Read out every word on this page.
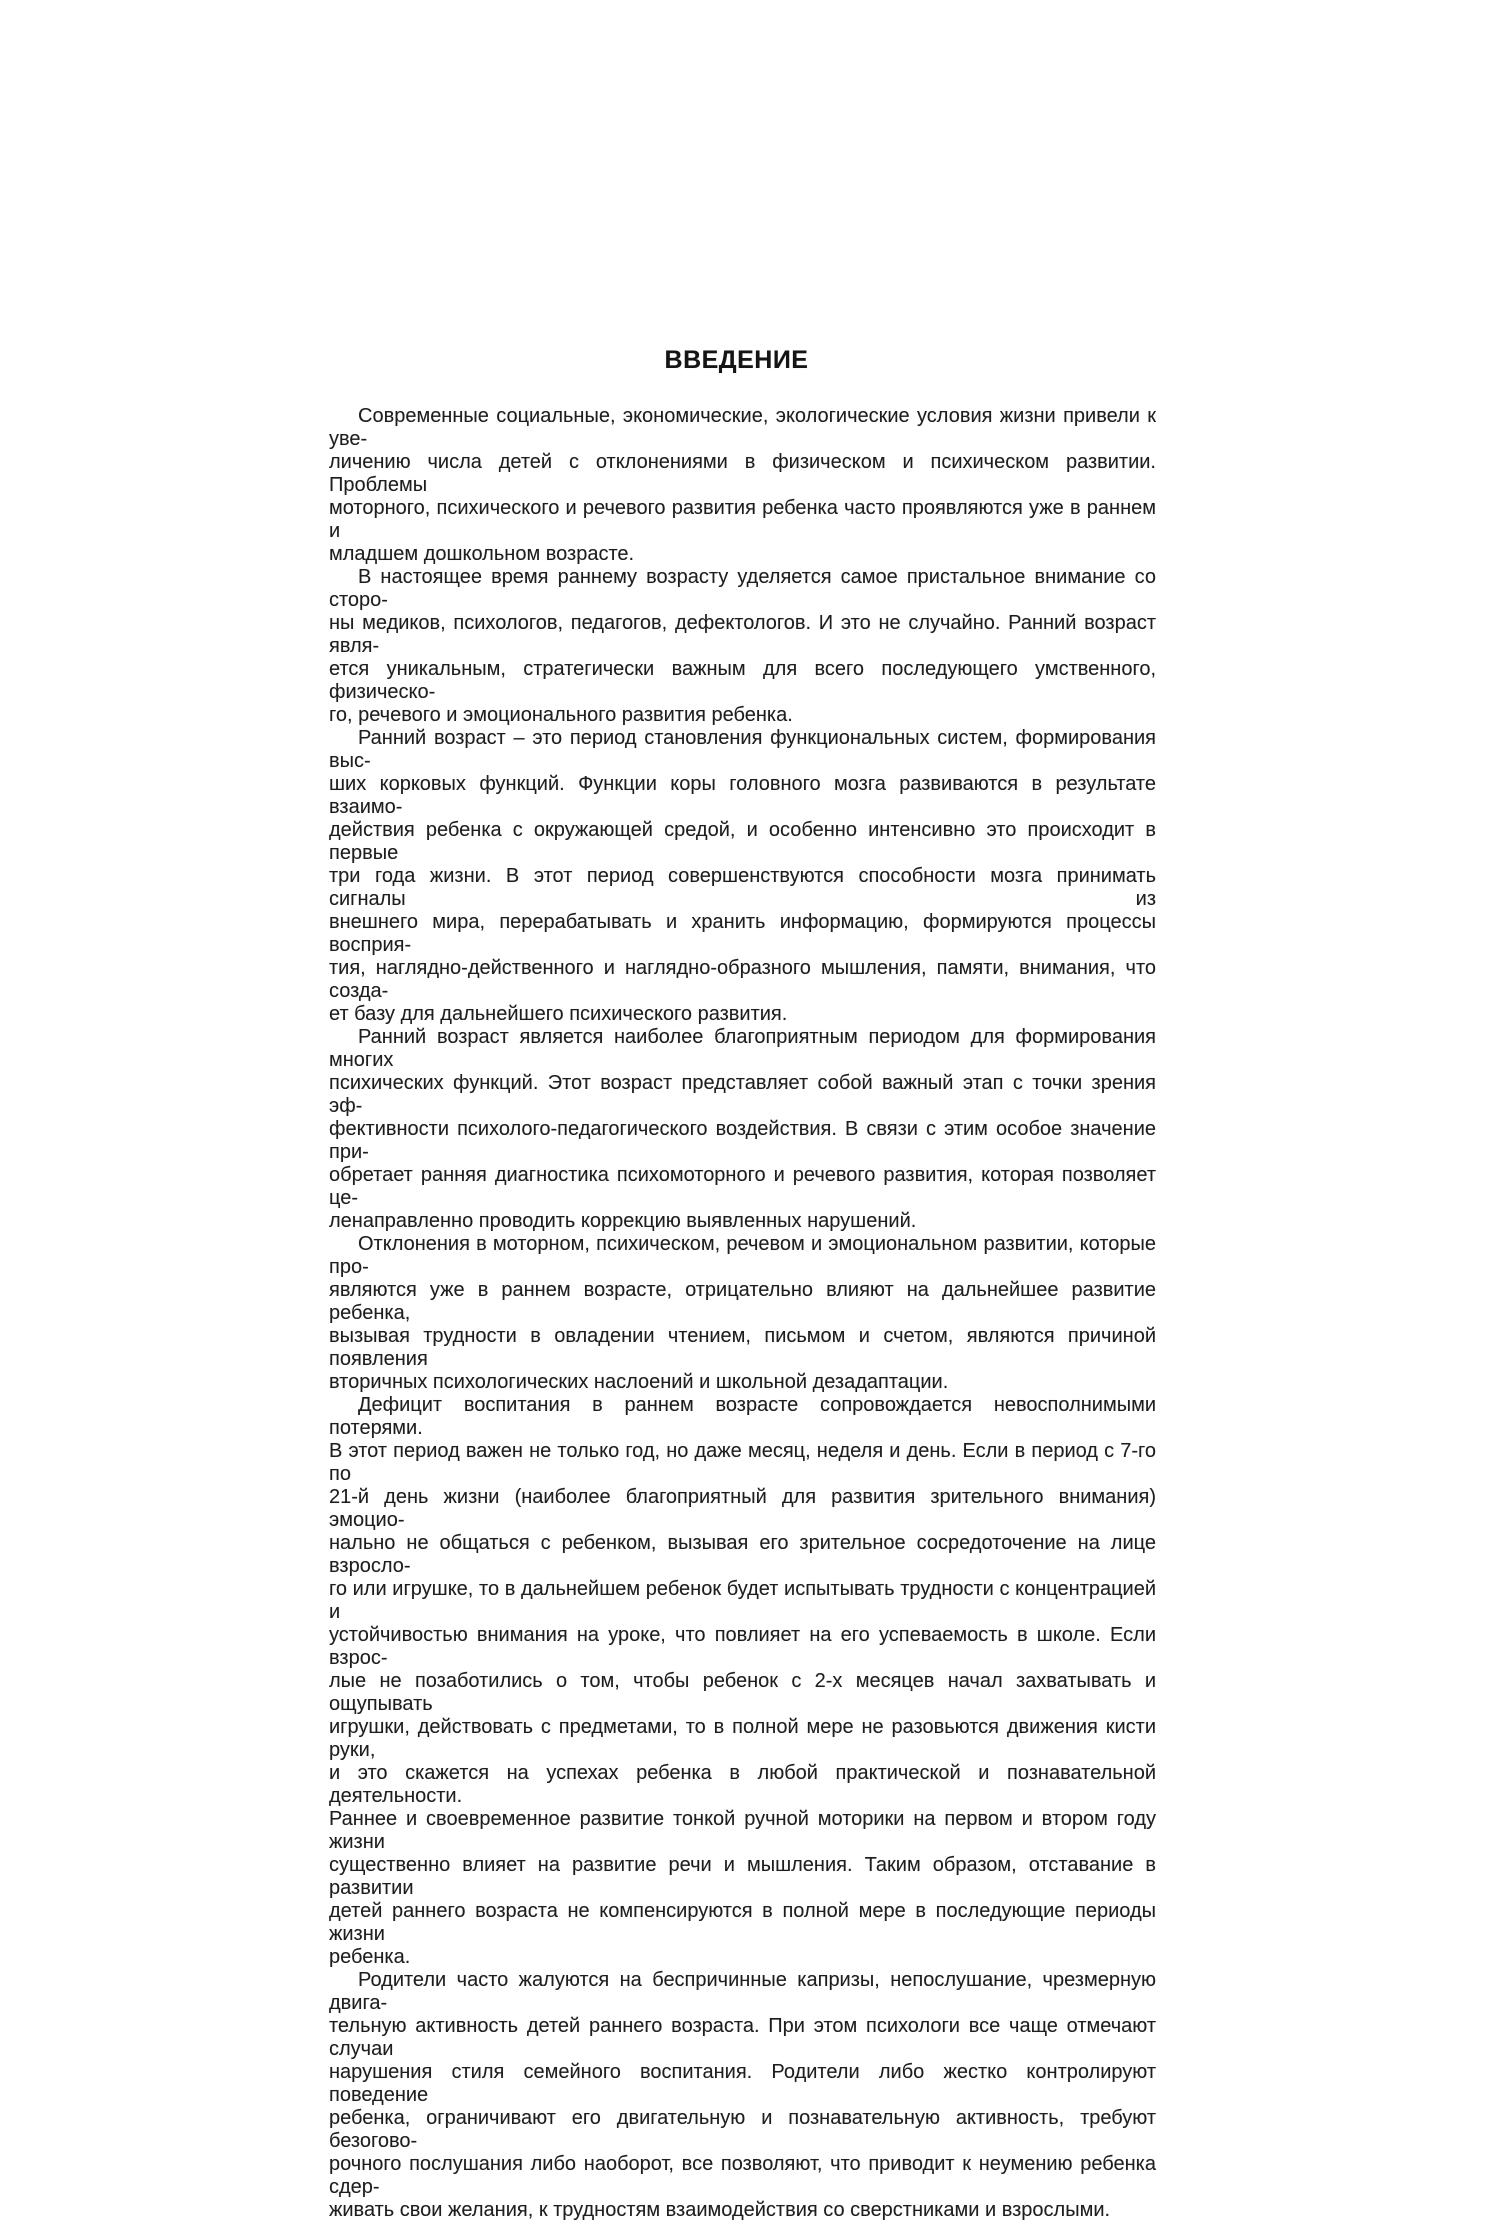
ВВЕДЕНИЕ

Современные социальные, экономические, экологические условия жизни привели к уве-
личению числа детей с отклонениями в физическом и психическом развитии. Проблемы
моторного, психического и речевого развития ребенка часто проявляются уже в раннем и
младшем дошкольном возрасте.

В настоящее время раннему возрасту уделяется самое пристальное внимание со сторо-
ны медиков, психологов, педагогов, дефектологов. И это не случайно. Ранний возраст явля-
ется уникальным, стратегически важным для всего последующего умственного, физическо-
го, речевого и эмоционального развития ребенка.

Ранний возраст – это период становления функциональных систем, формирования выс-
ших корковых функций. Функции коры головного мозга развиваются в результате взаимо-
действия ребенка с окружающей средой, и особенно интенсивно это происходит в первые
три года жизни. В этот период совершенствуются способности мозга принимать сигналы из
внешнего мира, перерабатывать и хранить информацию, формируются процессы восприя-
тия, наглядно-действенного и наглядно-образного мышления, памяти, внимания, что созда-
ет базу для дальнейшего психического развития.

Ранний возраст является наиболее благоприятным периодом для формирования многих
психических функций. Этот возраст представляет собой важный этап с точки зрения эф-
фективности психолого-педагогического воздействия. В связи с этим особое значение при-
обретает ранняя диагностика психомоторного и речевого развития, которая позволяет це-
ленаправленно проводить коррекцию выявленных нарушений.

Отклонения в моторном, психическом, речевом и эмоциональном развитии, которые про-
являются уже в раннем возрасте, отрицательно влияют на дальнейшее развитие ребенка,
вызывая трудности в овладении чтением, письмом и счетом, являются причиной появления
вторичных психологических наслоений и школьной дезадаптации.

Дефицит воспитания в раннем возрасте сопровождается невосполнимыми потерями.
В этот период важен не только год, но даже месяц, неделя и день. Если в период с 7-го по
21-й день жизни (наиболее благоприятный для развития зрительного внимания) эмоцио-
нально не общаться с ребенком, вызывая его зрительное сосредоточение на лице взросло-
го или игрушке, то в дальнейшем ребенок будет испытывать трудности с концентрацией и
устойчивостью внимания на уроке, что повлияет на его успеваемость в школе. Если взрос-
лые не позаботились о том, чтобы ребенок с 2-х месяцев начал захватывать и ощупывать
игрушки, действовать с предметами, то в полной мере не разовьются движения кисти руки,
и это скажется на успехах ребенка в любой практической и познавательной деятельности.
Раннее и своевременное развитие тонкой ручной моторики на первом и втором году жизни
существенно влияет на развитие речи и мышления. Таким образом, отставание в развитии
детей раннего возраста не компенсируются в полной мере в последующие периоды жизни
ребенка.

Родители часто жалуются на беспричинные капризы, непослушание, чрезмерную двига-
тельную активность детей раннего возраста. При этом психологи все чаще отмечают случаи
нарушения стиля семейного воспитания. Родители либо жестко контролируют поведение
ребенка, ограничивают его двигательную и познавательную активность, требуют безогово-
рочного послушания либо наоборот, все позволяют, что приводит к неумению ребенка сдер-
живать свои желания, к трудностям взаимодействия со сверстниками и взрослыми.
